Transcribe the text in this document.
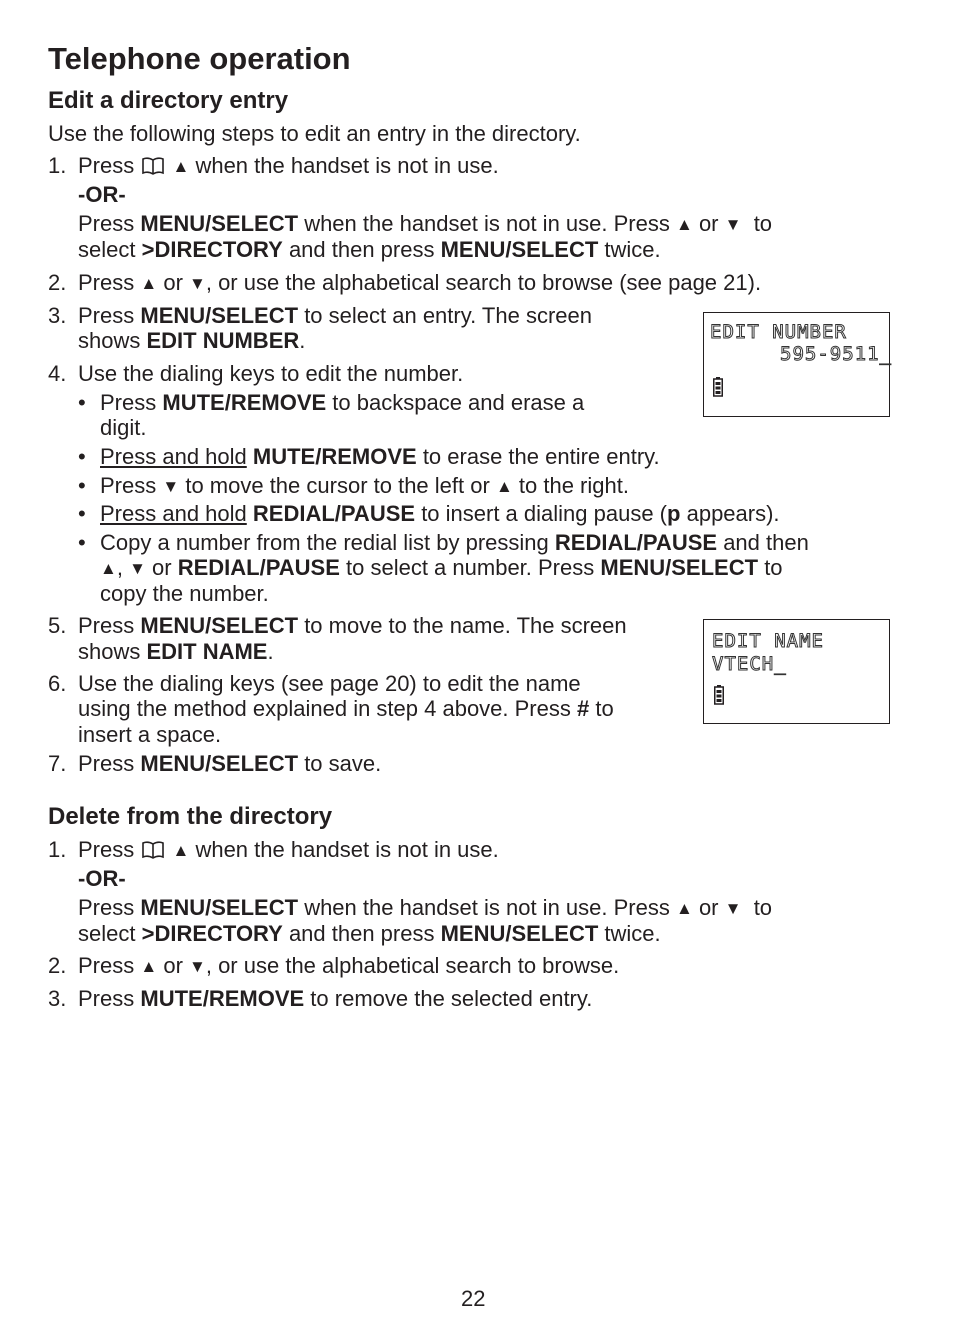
Telephone operation
Edit a directory entry
Use the following steps to edit an entry in the directory.
1. Press ▲ when the handset is not in use.
-OR-
Press MENU/SELECT when the handset is not in use. Press ▲ or ▼ to
select >DIRECTORY and then press MENU/SELECT twice.
2. Press ▲ or ▼, or use the alphabetical search to browse (see page 21).
3. Press MENU/SELECT to select an entry. The screen
shows EDIT NUMBER.	EDIT NUMBER
595-9511_
4. Use the dialing keys to edit the number.
• Press MUTE/REMOVE to backspace and erase a
digit.
• Press and hold MUTE/REMOVE to erase the entire entry.
• Press ▼ to move the cursor to the left or ▲ to the right.
• Press and hold REDIAL/PAUSE to insert a dialing pause (p appears).
• Copy a number from the redial list by pressing REDIAL/PAUSE and then
▲, ▼ or REDIAL/PAUSE to select a number. Press MENU/SELECT to
copy the number.
5. Press MENU/SELECT to move to the name. The screen
shows EDIT NAME.	EDIT NAME
VTECH_
6. Use the dialing keys (see page 20) to edit the name
using the method explained in step 4 above. Press # to
insert a space.
7. Press MENU/SELECT to save.
Delete from the directory
1. Press ▲ when the handset is not in use.
-OR-
Press MENU/SELECT when the handset is not in use. Press ▲ or ▼ to
select >DIRECTORY and then press MENU/SELECT twice.
2. Press ▲ or ▼, or use the alphabetical search to browse.
3. Press MUTE/REMOVE to remove the selected entry.
22
